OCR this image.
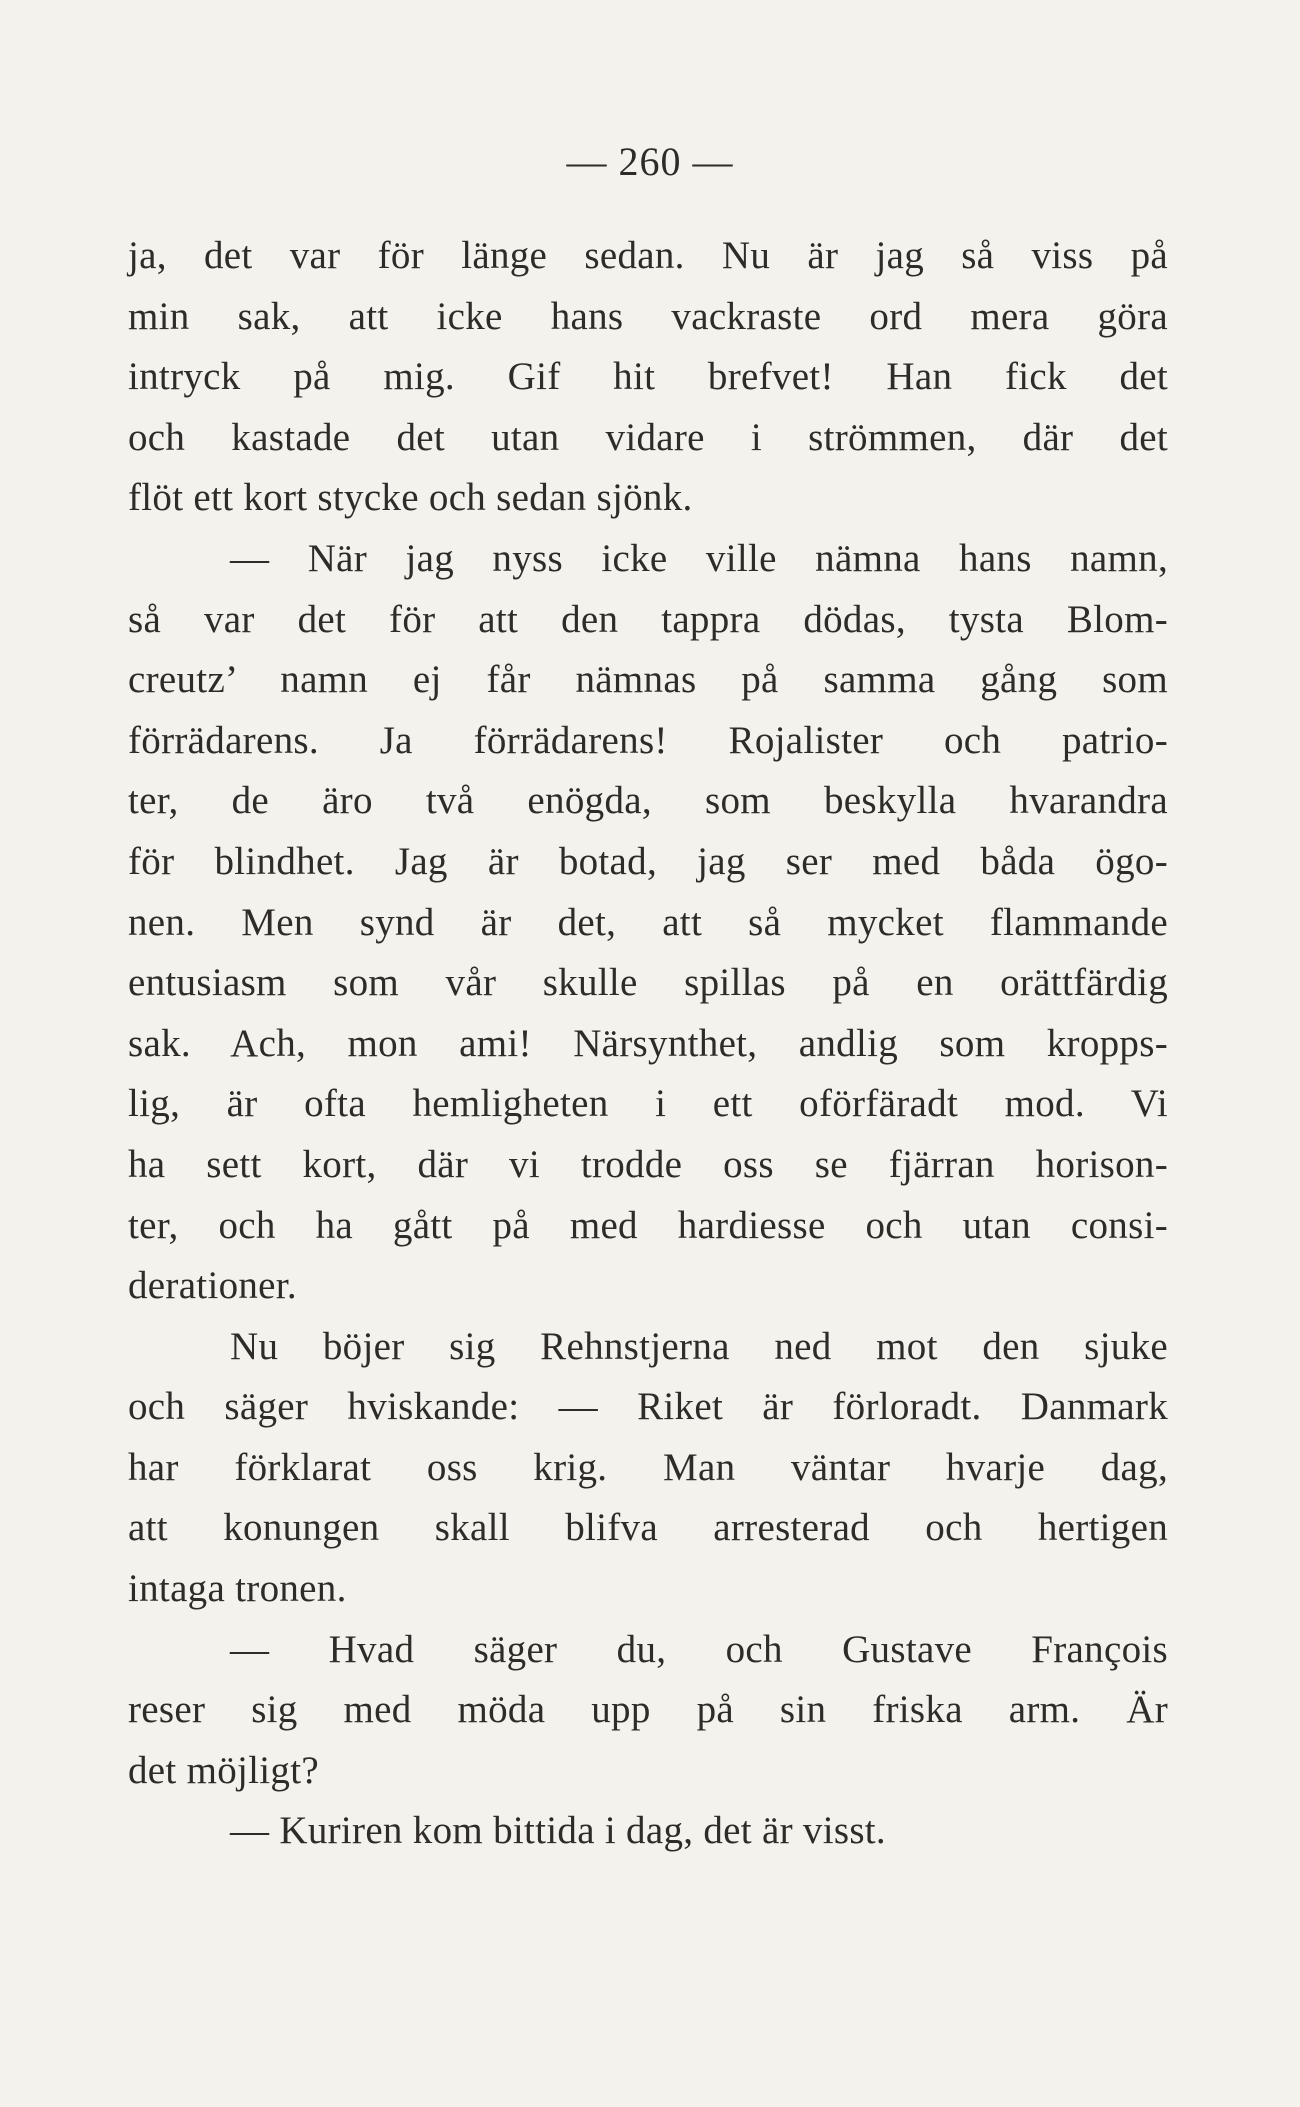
— 260 —
ja, det var för länge sedan. Nu är jag så viss på
min sak, att icke hans vackraste ord mera göra
intryck på mig. Gif hit brefvet! Han fick det
och kastade det utan vidare i strömmen, där det
flöt ett kort stycke och sedan sjönk.
— När jag nyss icke ville nämna hans namn,
så var det för att den tappra dödas, tysta Blom-
creutz’ namn ej får nämnas på samma gång som
förrädarens. Ja förrädarens! Rojalister och patrio-
ter, de äro två enögda, som beskylla hvarandra
för blindhet. Jag är botad, jag ser med båda ögo-
nen. Men synd är det, att så mycket flammande
entusiasm som vår skulle spillas på en orättfärdig
sak. Ach, mon ami! Närsynthet, andlig som kropps-
lig, är ofta hemligheten i ett oförfäradt mod. Vi
ha sett kort, där vi trodde oss se fjärran horison-
ter, och ha gått på med hardiesse och utan consi-
derationer.
Nu böjer sig Rehnstjerna ned mot den sjuke
och säger hviskande: — Riket är förloradt. Danmark
har förklarat oss krig. Man väntar hvarje dag,
att konungen skall blifva arresterad och hertigen
intaga tronen.
— Hvad säger du, och Gustave François
reser sig med möda upp på sin friska arm. Är
det möjligt?
— Kuriren kom bittida i dag, det är visst.
